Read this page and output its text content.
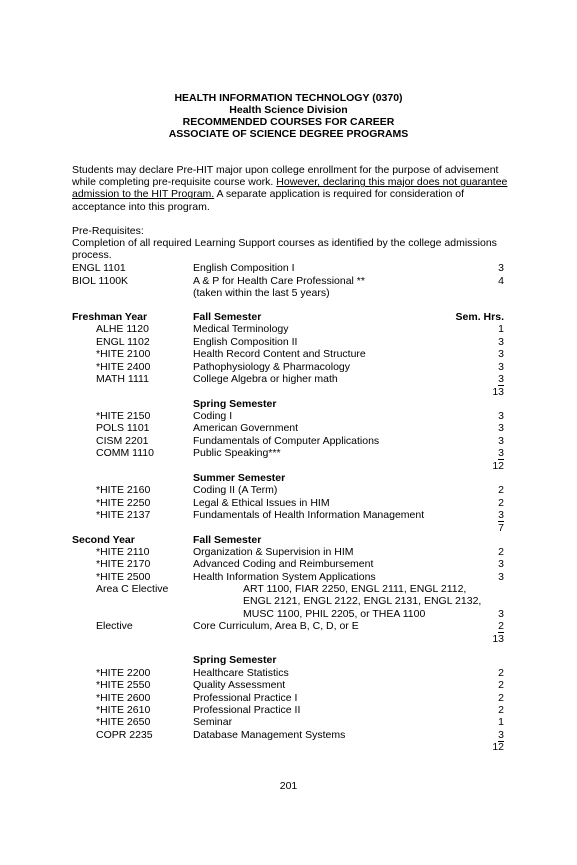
HEALTH INFORMATION TECHNOLOGY (0370)
Health Science Division
RECOMMENDED COURSES FOR CAREER
ASSOCIATE OF SCIENCE DEGREE PROGRAMS
Students may declare Pre-HIT major upon college enrollment for the purpose of advisement while completing pre-requisite course work. However, declaring this major does not guarantee admission to the HIT Program. A separate application is required for consideration of acceptance into this program.
Pre-Requisites:
Completion of all required Learning Support courses as identified by the college admissions process.
ENGL 1101	English Composition I	3
BIOL 1100K	A & P for Health Care Professional **	4
(taken within the last 5 years)
Freshman Year	Fall Semester	Sem. Hrs.
ALHE 1120	Medical Terminology	1
ENGL 1102	English Composition II	3
*HITE 2100	Health Record Content and Structure	3
*HITE 2400	Pathophysiology & Pharmacology	3
MATH 1111	College Algebra or higher math	3
13
Spring Semester
*HITE 2150	Coding I	3
POLS 1101	American Government	3
CISM 2201	Fundamentals of Computer Applications	3
COMM 1110	Public Speaking***	3
12
Summer Semester
*HITE 2160	Coding II (A Term)	2
*HITE 2250	Legal & Ethical Issues in HIM	2
*HITE 2137	Fundamentals of Health Information Management	3
7
Second Year	Fall Semester
*HITE 2110	Organization & Supervision in HIM	2
*HITE 2170	Advanced Coding and Reimbursement	3
*HITE 2500	Health Information System Applications	3
Area C Elective	ART 1100, FIAR 2250, ENGL 2111, ENGL 2112,
ENGL 2121, ENGL 2122, ENGL 2131, ENGL 2132,
MUSC 1100, PHIL 2205, or THEA 1100	3
Elective	Core Curriculum, Area B, C, D, or E	2
13
Spring Semester
*HITE 2200	Healthcare Statistics	2
*HITE 2550	Quality Assessment	2
*HITE 2600	Professional Practice I	2
*HITE 2610	Professional Practice II	2
*HITE 2650	Seminar	1
COPR 2235	Database Management Systems	3
12
201
